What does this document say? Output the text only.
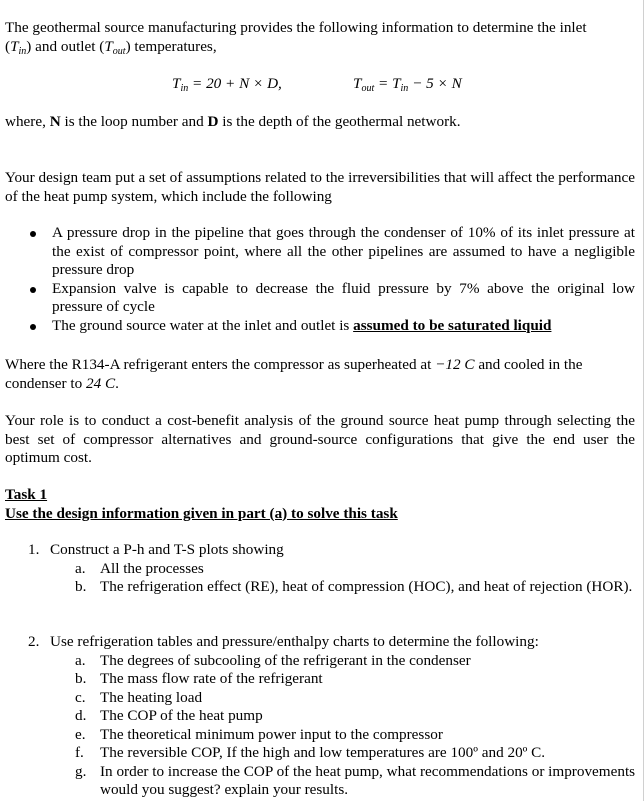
The geothermal source manufacturing provides the following information to determine the inlet
$(T_{in})$ and outlet $(T_{out})$ temperatures,
$T_{in} = 20 + N \times D$,	$T_{out} = T_{in} - 5 \times N$
where, N is the loop number and D is the depth of the geothermal network.
Your design team put a set of assumptions related to the irreversibilities that will affect the performance of the heat pump system, which include the following
A pressure drop in the pipeline that goes through the condenser of 10% of its inlet pressure at the exist of compressor point, where all the other pipelines are assumed to have a negligible pressure drop
Expansion valve is capable to decrease the fluid pressure by 7% above the original low pressure of cycle
The ground source water at the inlet and outlet is assumed to be saturated liquid
Where the R134-A refrigerant enters the compressor as superheated at −12 C and cooled in the condenser to 24 C.
Your role is to conduct a cost-benefit analysis of the ground source heat pump through selecting the best set of compressor alternatives and ground-source configurations that give the end user the optimum cost.
Task 1
Use the design information given in part (a) to solve this task
1. Construct a P-h and T-S plots showing
a. All the processes
b. The refrigeration effect (RE), heat of compression (HOC), and heat of rejection (HOR).
2. Use refrigeration tables and pressure/enthalpy charts to determine the following:
a. The degrees of subcooling of the refrigerant in the condenser
b. The mass flow rate of the refrigerant
c. The heating load
d. The COP of the heat pump
e. The theoretical minimum power input to the compressor
f. The reversible COP, If the high and low temperatures are 100º and 20º C.
g. In order to increase the COP of the heat pump, what recommendations or improvements would you suggest? explain your results.
